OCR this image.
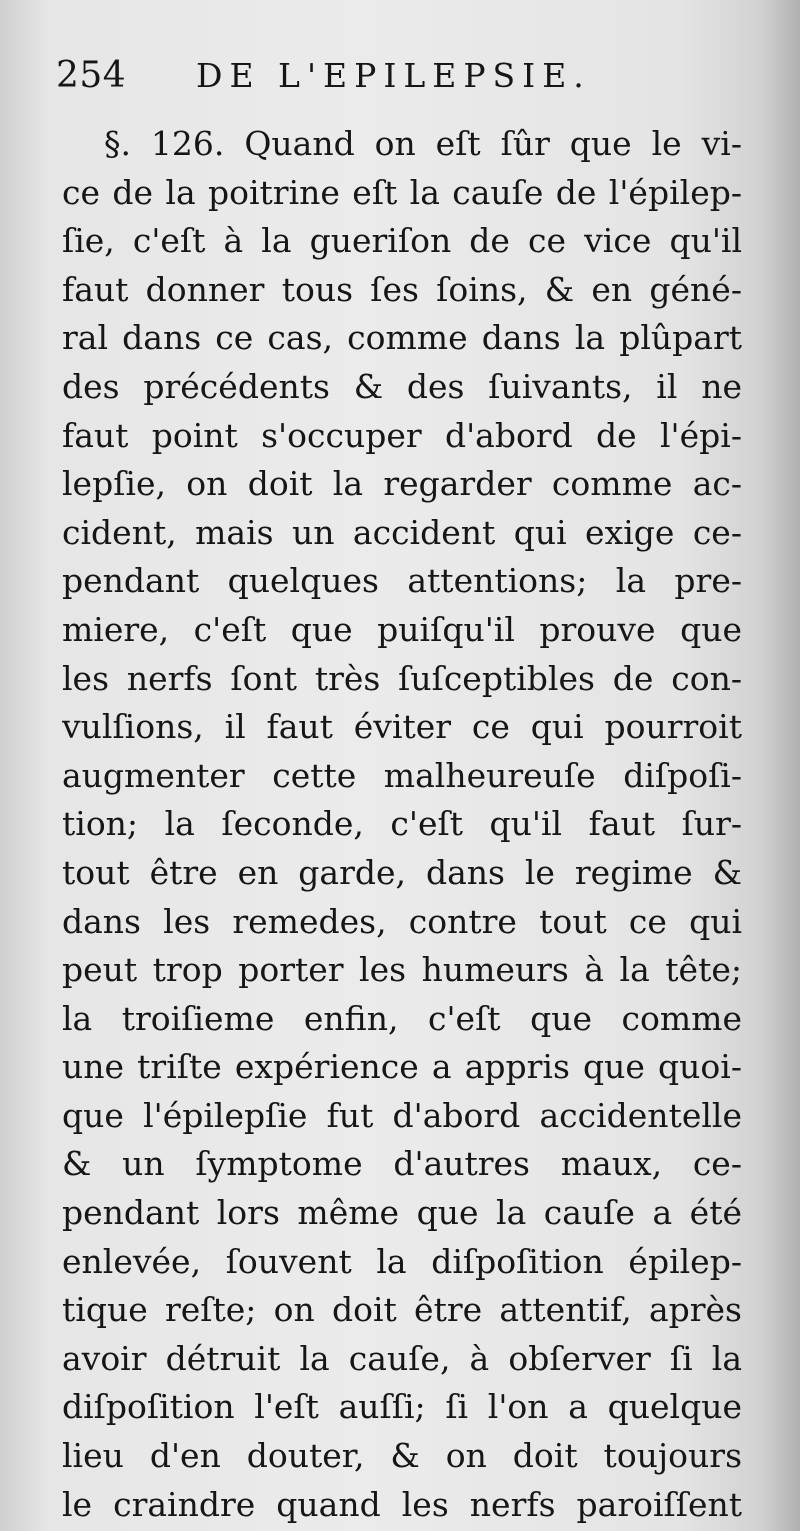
254 DE L'EPILEPSIE.
§. 126. Quand on eſt ſûr que le vi-
ce de la poitrine eſt la cauſe de l'épilep-
ſie, c'eſt à la gueriſon de ce vice qu'il
faut donner tous ſes ſoins, & en géné-
ral dans ce cas, comme dans la plûpart
des précédents & des ſuivants, il ne
faut point s'occuper d'abord de l'épi-
lepſie, on doit la regarder comme ac-
cident, mais un accident qui exige ce-
pendant quelques attentions; la pre-
miere, c'eſt que puiſqu'il prouve que
les nerfs ſont très ſuſceptibles de con-
vulſions, il faut éviter ce qui pourroit
augmenter cette malheureuſe diſpoſi-
tion; la ſeconde, c'eſt qu'il faut ſur-
tout être en garde, dans le regime &
dans les remedes, contre tout ce qui
peut trop porter les humeurs à la tête;
la troiſieme enfin, c'eſt que comme
une triſte expérience a appris que quoi-
que l'épilepſie fut d'abord accidentelle
& un ſymptome d'autres maux, ce-
pendant lors même que la cauſe a été
enlevée, ſouvent la diſpoſition épilep-
tique reſte; on doit être attentif, après
avoir détruit la cauſe, à obſerver ſi la
diſpoſition l'eſt auſſi; ſi l'on a quelque
lieu d'en douter, & on doit toujours
le craindre quand les nerfs paroiſſent
